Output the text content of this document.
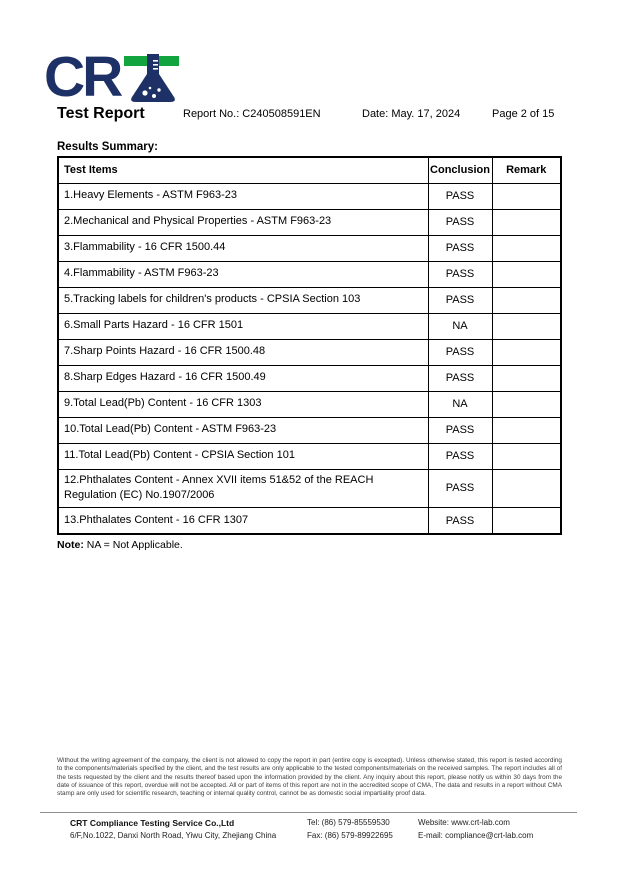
CR
Test Report	Report No.: C240508591EN	Date: May. 17, 2024	Page 2 of 15
Results Summary:
Test Items	Conclusion	Remark
1.Heavy Elements - ASTM F963-23	PASS	
2.Mechanical and Physical Properties - ASTM F963-23	PASS	
3.Flammability - 16 CFR 1500.44	PASS	
4.Flammability - ASTM F963-23	PASS	
5.Tracking labels for children's products - CPSIA Section 103	PASS	
6.Small Parts Hazard - 16 CFR 1501	NA	
7.Sharp Points Hazard - 16 CFR 1500.48	PASS	
8.Sharp Edges Hazard - 16 CFR 1500.49	PASS	
9.Total Lead(Pb) Content - 16 CFR 1303	NA	
10.Total Lead(Pb) Content - ASTM F963-23	PASS	
11.Total Lead(Pb) Content - CPSIA Section 101	PASS	
12.Phthalates Content - Annex XVII items 51&52 of the REACH Regulation (EC) No.1907/2006	PASS	
13.Phthalates Content - 16 CFR 1307	PASS	
Note: NA = Not Applicable.
Without the writing agreement of the company, the client is not allowed to copy the report in part (entire copy is excepted). Unless otherwise stated, this report is tested according to the components/materials specified by the client, and the test results are only applicable to the tested components/materials on the received samples. The report includes all of the tests requested by the client and the results thereof based upon the information provided by the client. Any inquiry about this report, please notify us within 30 days from the date of issuance of this report, overdue will not be accepted. All or part of items of this report are not in the accredited scope of CMA, The data and results in a report without CMA stamp are only used for scientific research, teaching or internal quality control, cannot be as domestic social impartiality proof data.
CRT Compliance Testing Service Co.,Ltd
6/F,No.1022, Danxi North Road, Yiwu City, Zhejiang China
Tel: (86) 579-85559530
Fax: (86) 579-89922695
Website: www.crt-lab.com
E-mail: compliance@crt-lab.com
